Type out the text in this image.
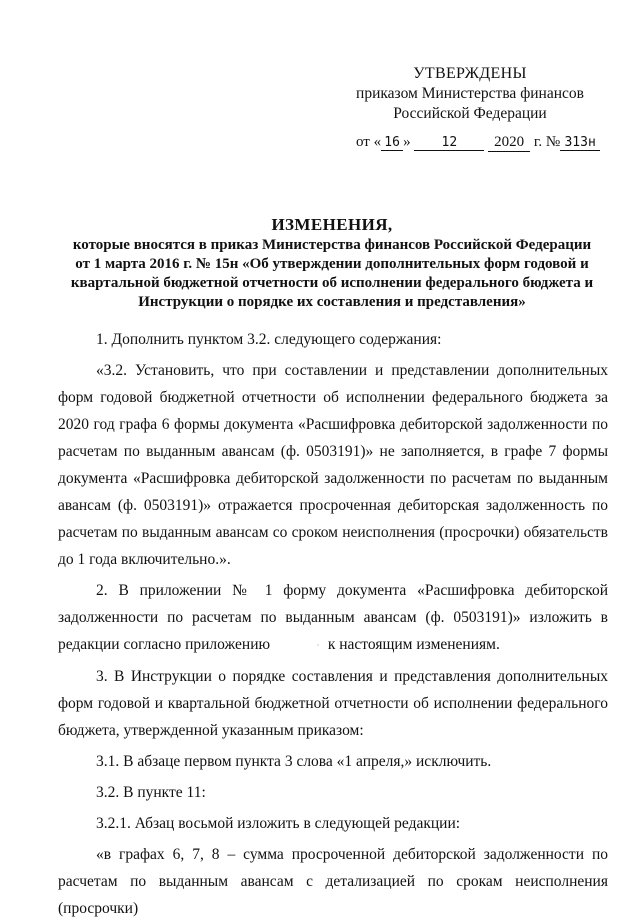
УТВЕРЖДЕНЫ
приказом Министерства финансов
Российской Федерации
от « 16 » 12 2020 г. № 313н
ИЗМЕНЕНИЯ,
которые вносятся в приказ Министерства финансов Российской Федерации
от 1 марта 2016 г. № 15н «Об утверждении дополнительных форм годовой и
квартальной бюджетной отчетности об исполнении федерального бюджета и
Инструкции о порядке их составления и представления»

1. Дополнить пунктом 3.2. следующего содержания:

«3.2. Установить, что при составлении и представлении дополнительных форм годовой бюджетной отчетности об исполнении федерального бюджета за 2020 год графа 6 формы документа «Расшифровка дебиторской задолженности по расчетам по выданным авансам (ф. 0503191)» не заполняется, в графе 7 формы документа «Расшифровка дебиторской задолженности по расчетам по выданным авансам (ф. 0503191)» отражается просроченная дебиторская задолженность по расчетам по выданным авансам со сроком неисполнения (просрочки) обязательств до 1 года включительно.».

2. В приложении № 1 форму документа «Расшифровка дебиторской задолженности по расчетам по выданным авансам (ф. 0503191)» изложить в редакции согласно приложению	· к настоящим изменениям.

3. В Инструкции о порядке составления и представления дополнительных форм годовой и квартальной бюджетной отчетности об исполнении федерального бюджета, утвержденной указанным приказом:

3.1. В абзаце первом пункта 3 слова «1 апреля,» исключить.

3.2. В пункте 11:

3.2.1. Абзац восьмой изложить в следующей редакции:

«в графах 6, 7, 8 – сумма просроченной дебиторской задолженности по расчетам по выданным авансам с детализацией по срокам неисполнения (просрочки)
